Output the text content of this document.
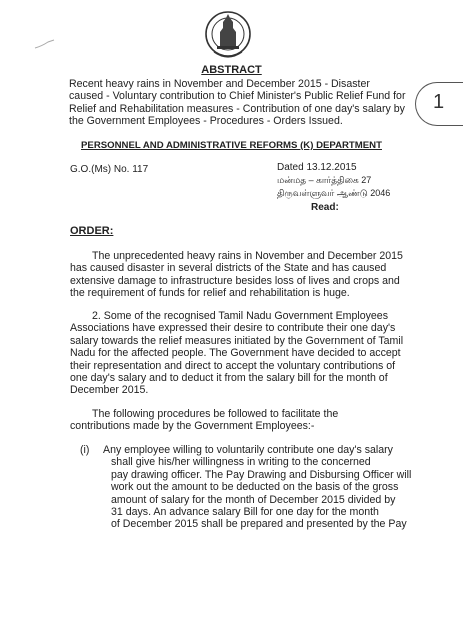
ABSTRACT
Recent heavy rains in November and December 2015 - Disaster
caused - Voluntary contribution to Chief Minister's Public Relief Fund for
Relief and Rehabilitation measures - Contribution of one day's salary by
the Government Employees - Procedures - Orders Issued.
1
PERSONNEL AND ADMINISTRATIVE REFORMS (K) DEPARTMENT
G.O.(Ms) No. 117	Dated 13.12.2015
மன்மத – கார்த்திகை 27
திருவள்ளுவர் ஆண்டு 2046
Read:
ORDER:
The unprecedented heavy rains in November and December 2015
has caused disaster in several districts of the State and has caused
extensive damage to infrastructure besides loss of lives and crops and
the requirement of funds for relief and rehabilitation is huge.
2. Some of the recognised Tamil Nadu Government Employees
Associations have expressed their desire to contribute their one day's
salary towards the relief measures initiated by the Government of Tamil
Nadu for the affected people. The Government have decided to accept
their representation and direct to accept the voluntary contributions of
one day's salary and to deduct it from the salary bill for the month of
December 2015.
The following procedures be followed to facilitate the
contributions made by the Government Employees:-
(i) Any employee willing to voluntarily contribute one day's salary
shall give his/her willingness in writing to the concerned
pay drawing officer. The Pay Drawing and Disbursing Officer will
work out the amount to be deducted on the basis of the gross
amount of salary for the month of December 2015 divided by
31 days. An advance salary Bill for one day for the month
of December 2015 shall be prepared and presented by the Pay
